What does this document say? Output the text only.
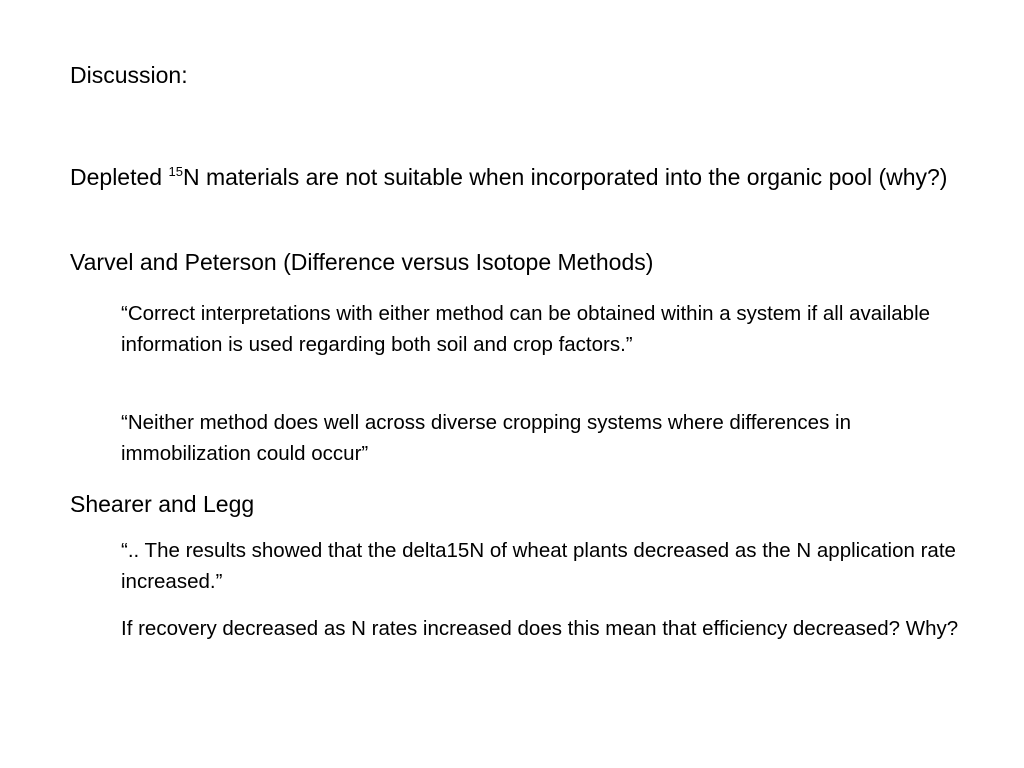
Discussion:

Depleted $^{15}$N materials are not suitable when incorporated into the organic pool (why?)

Varvel and Peterson (Difference versus Isotope Methods)

“Correct interpretations with either method can be obtained within a system if all available information is used regarding both soil and crop factors.”

“Neither method does well across diverse cropping systems where differences in immobilization could occur”

Shearer and Legg

“.. The results showed that the delta15N of wheat plants decreased as the N application rate increased.”

If recovery decreased as N rates increased does this mean that efficiency decreased? Why?
